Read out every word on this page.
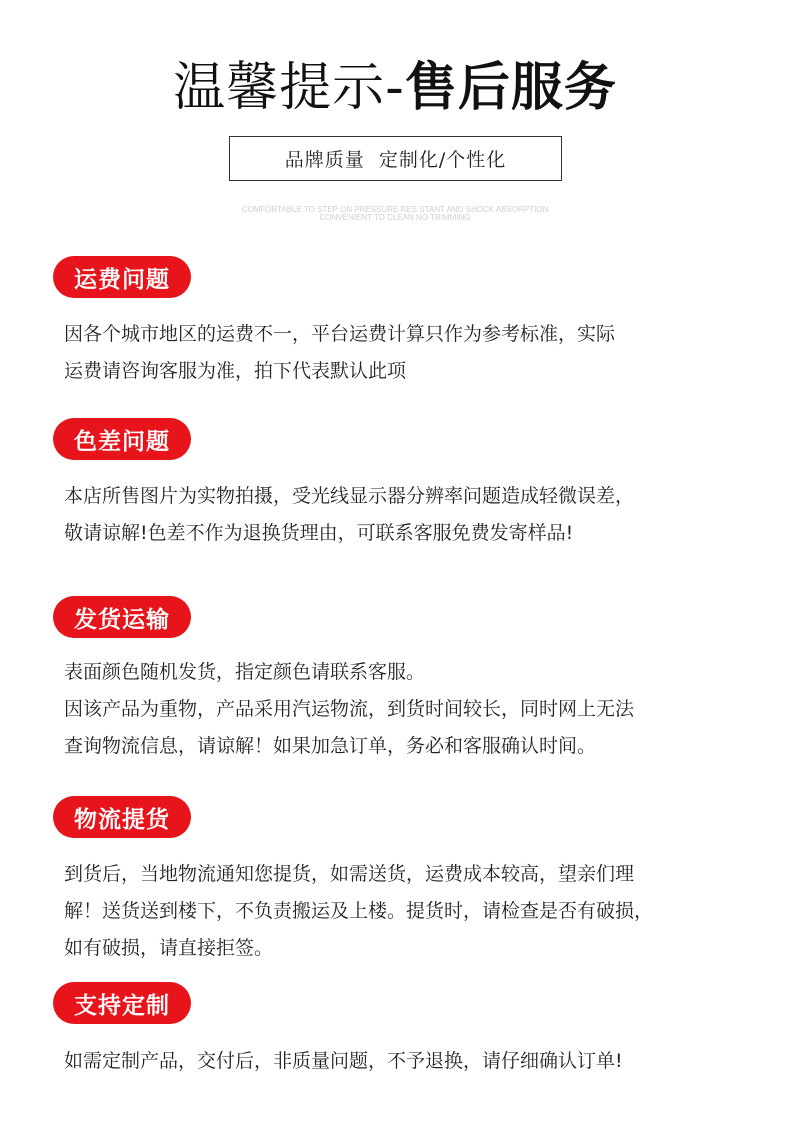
温馨提示-售后服务
品牌质量  定制化/个性化
COMFORTABLE TO STEP ON PRESSURE RES STANT AND SHOCK ABSORPTION
CONVENIENT TO CLEAN NO TRIMMING
运费问题
因各个城市地区的运费不一，平台运费计算只作为参考标准，实际
运费请咨询客服为准，拍下代表默认此项
色差问题
本店所售图片为实物拍摄，受光线显示器分辨率问题造成轻微误差，
敬请谅解!色差不作为退换货理由，可联系客服免费发寄样品!
发货运输
表面颜色随机发货，指定颜色请联系客服。
因该产品为重物，产品采用汽运物流，到货时间较长，同时网上无法
查询物流信息，请谅解！如果加急订单，务必和客服确认时间。
物流提货
到货后，当地物流通知您提货，如需送货，运费成本较高，望亲们理
解！送货送到楼下，不负责搬运及上楼。提货时，请检查是否有破损，
如有破损，请直接拒签。
支持定制
如需定制产品，交付后，非质量问题，不予退换，请仔细确认订单!
